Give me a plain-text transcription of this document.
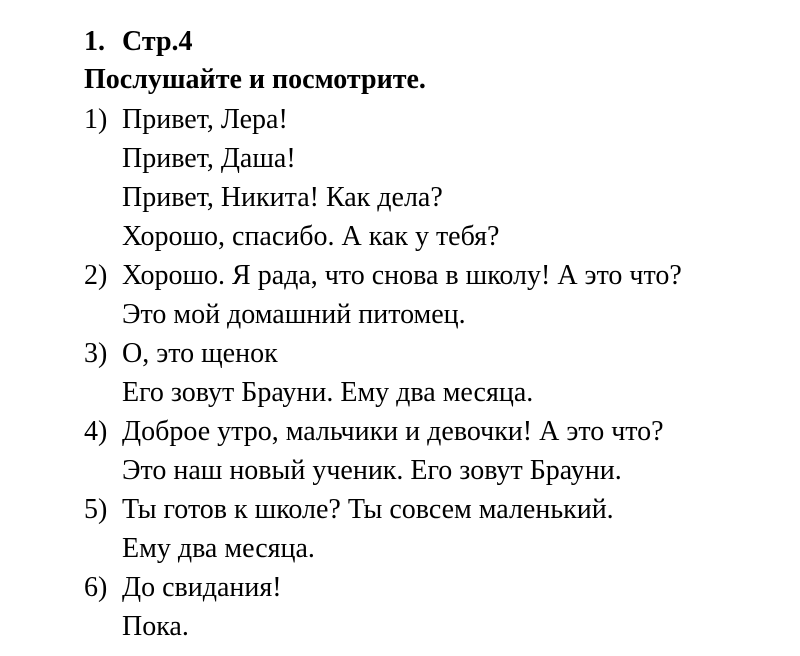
1. Стр.4
Послушайте и посмотрите.
1) Привет, Лера!
Привет, Даша!
Привет, Никита! Как дела?
Хорошо, спасибо. А как у тебя?
2) Хорошо. Я рада, что снова в школу! А это что?
Это мой домашний питомец.
3) О, это щенок
Его зовут Брауни. Ему два месяца.
4) Доброе утро, мальчики и девочки! А это что?
Это наш новый ученик. Его зовут Брауни.
5) Ты готов к школе? Ты совсем маленький.
Ему два месяца.
6) До свидания!
Пока.
